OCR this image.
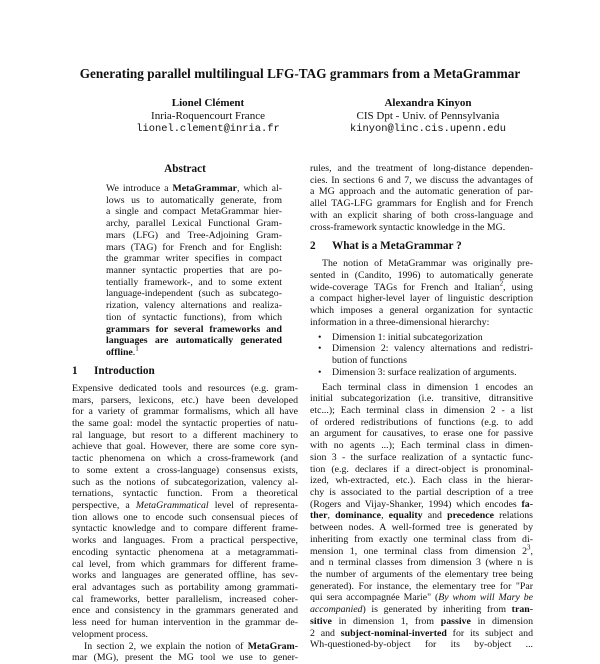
Generating parallel multilingual LFG-TAG grammars from a MetaGrammar
Lionel Clément
Inria-Roquencourt France
lionel.clement@inria.fr
Alexandra Kinyon
CIS Dpt - Univ. of Pennsylvania
kinyon@linc.cis.upenn.edu
Abstract
We introduce a MetaGrammar, which al-
lows us to automatically generate, from
a single and compact MetaGrammar hier-
archy, parallel Lexical Functional Gram-
mars (LFG) and Tree-Adjoining Gram-
mars (TAG) for French and for English:
the grammar writer specifies in compact
manner syntactic properties that are po-
tentially framework-, and to some extent
language-independent (such as subcatego-
rization, valency alternations and realiza-
tion of syntactic functions), from which
grammars for several frameworks and
languages are automatically generated
offline.$^1$
1 Introduction
Expensive dedicated tools and resources (e.g. gram-
mars, parsers, lexicons, etc.) have been developed
for a variety of grammar formalisms, which all have
the same goal: model the syntactic properties of natu-
ral language, but resort to a different machinery to
achieve that goal. However, there are some core syn-
tactic phenomena on which a cross-framework (and
to some extent a cross-language) consensus exists,
such as the notions of subcategorization, valency al-
ternations, syntactic function. From a theoretical
perspective, a MetaGrammatical level of representa-
tion allows one to encode such consensual pieces of
syntactic knowledge and to compare different frame-
works and languages. From a practical perspective,
encoding syntactic phenomena at a metagrammati-
cal level, from which grammars for different frame-
works and languages are generated offline, has sev-
eral advantages such as portability among grammati-
cal frameworks, better parallelism, increased coher-
ence and consistency in the grammars generated and
less need for human intervention in the grammar de-
velopment process.
In section 2, we explain the notion of MetaGram-
mar (MG), present the MG tool we use to gener-
rules, and the treatment of long-distance dependen-
cies. In sections 6 and 7, we discuss the advantages of
a MG approach and the automatic generation of par-
allel TAG-LFG grammars for English and for French
with an explicit sharing of both cross-language and
cross-framework syntactic knowledge in the MG.
2 What is a MetaGrammar ?
The notion of MetaGrammar was originally pre-
sented in (Candito, 1996) to automatically generate
wide-coverage TAGs for French and Italian$^2$, using
a compact higher-level layer of linguistic description
which imposes a general organization for syntactic
information in a three-dimensional hierarchy:
• Dimension 1: initial subcategorization
• Dimension 2: valency alternations and redistri-
bution of functions
• Dimension 3: surface realization of arguments.
Each terminal class in dimension 1 encodes an
initial subcategorization (i.e. transitive, ditransitive
etc...); Each terminal class in dimension 2 - a list
of ordered redistributions of functions (e.g. to add
an argument for causatives, to erase one for passive
with no agents ...); Each terminal class in dimen-
sion 3 - the surface realization of a syntactic func-
tion (e.g. declares if a direct-object is pronominal-
ized, wh-extracted, etc.). Each class in the hierar-
chy is associated to the partial description of a tree
(Rogers and Vijay-Shanker, 1994) which encodes fa-
ther, dominance, equality and precedence relations
between nodes. A well-formed tree is generated by
inheriting from exactly one terminal class from di-
mension 1, one terminal class from dimension $2^3$,
and n terminal classes from dimension 3 (where n is
the number of arguments of the elementary tree being
generated). For instance, the elementary tree for "Par
qui sera accompagnée Marie" (By whom will Mary be
accompanied) is generated by inheriting from tran-
sitive in dimension 1, from passive in dimension
2 and subject-nominal-inverted for its subject and
Wh-questioned-by-object for its by-object ...
